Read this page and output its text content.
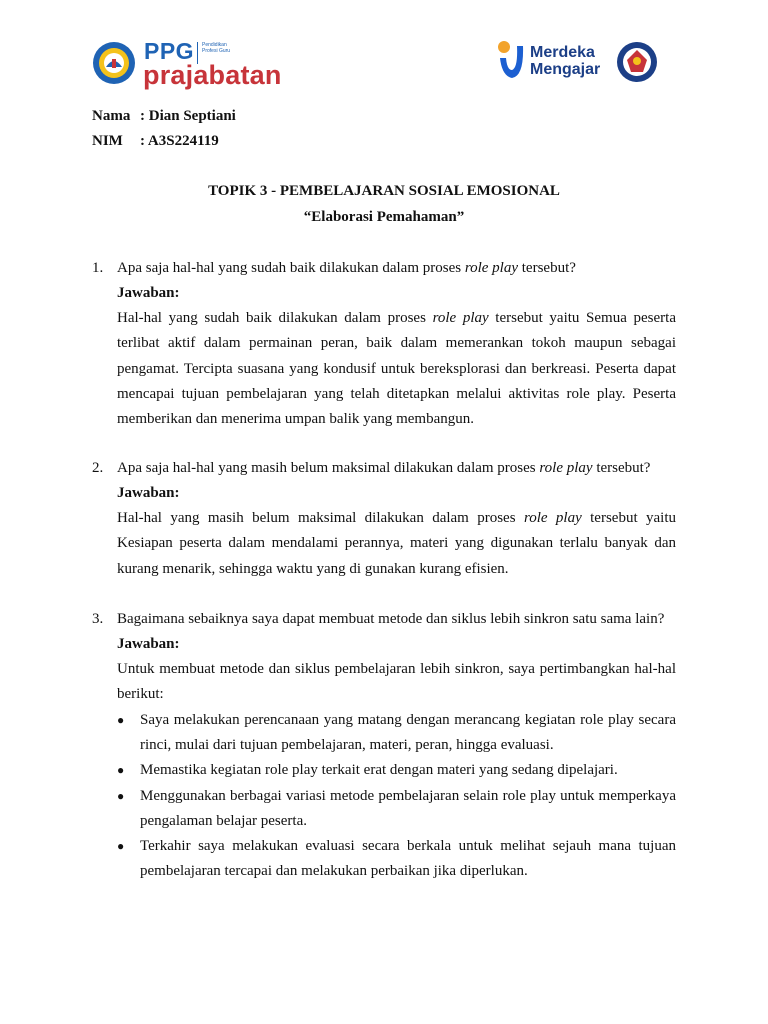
PPG Pendidikan Profesi Guru
prajabatan
Merdeka
Mengajar
Nama : Dian Septiani
NIM : A3S224119
TOPIK 3 - PEMBELAJARAN SOSIAL EMOSIONAL
“Elaborasi Pemahaman”
1. Apa saja hal-hal yang sudah baik dilakukan dalam proses role play tersebut?
Jawaban:
Hal-hal yang sudah baik dilakukan dalam proses role play tersebut yaitu Semua peserta terlibat aktif dalam permainan peran, baik dalam memerankan tokoh maupun sebagai pengamat. Tercipta suasana yang kondusif untuk bereksplorasi dan berkreasi. Peserta dapat mencapai tujuan pembelajaran yang telah ditetapkan melalui aktivitas role play. Peserta memberikan dan menerima umpan balik yang membangun.
2. Apa saja hal-hal yang masih belum maksimal dilakukan dalam proses role play tersebut?
Jawaban:
Hal-hal yang masih belum maksimal dilakukan dalam proses role play tersebut yaitu Kesiapan peserta dalam mendalami perannya, materi yang digunakan terlalu banyak dan kurang menarik, sehingga waktu yang di gunakan kurang efisien.
3. Bagaimana sebaiknya saya dapat membuat metode dan siklus lebih sinkron satu sama lain?
Jawaban:
Untuk membuat metode dan siklus pembelajaran lebih sinkron, saya pertimbangkan hal-hal berikut:
● Saya melakukan perencanaan yang matang dengan merancang kegiatan role play secara rinci, mulai dari tujuan pembelajaran, materi, peran, hingga evaluasi.
● Memastika kegiatan role play terkait erat dengan materi yang sedang dipelajari.
● Menggunakan berbagai variasi metode pembelajaran selain role play untuk memperkaya pengalaman belajar peserta.
● Terkahir saya melakukan evaluasi secara berkala untuk melihat sejauh mana tujuan pembelajaran tercapai dan melakukan perbaikan jika diperlukan.
